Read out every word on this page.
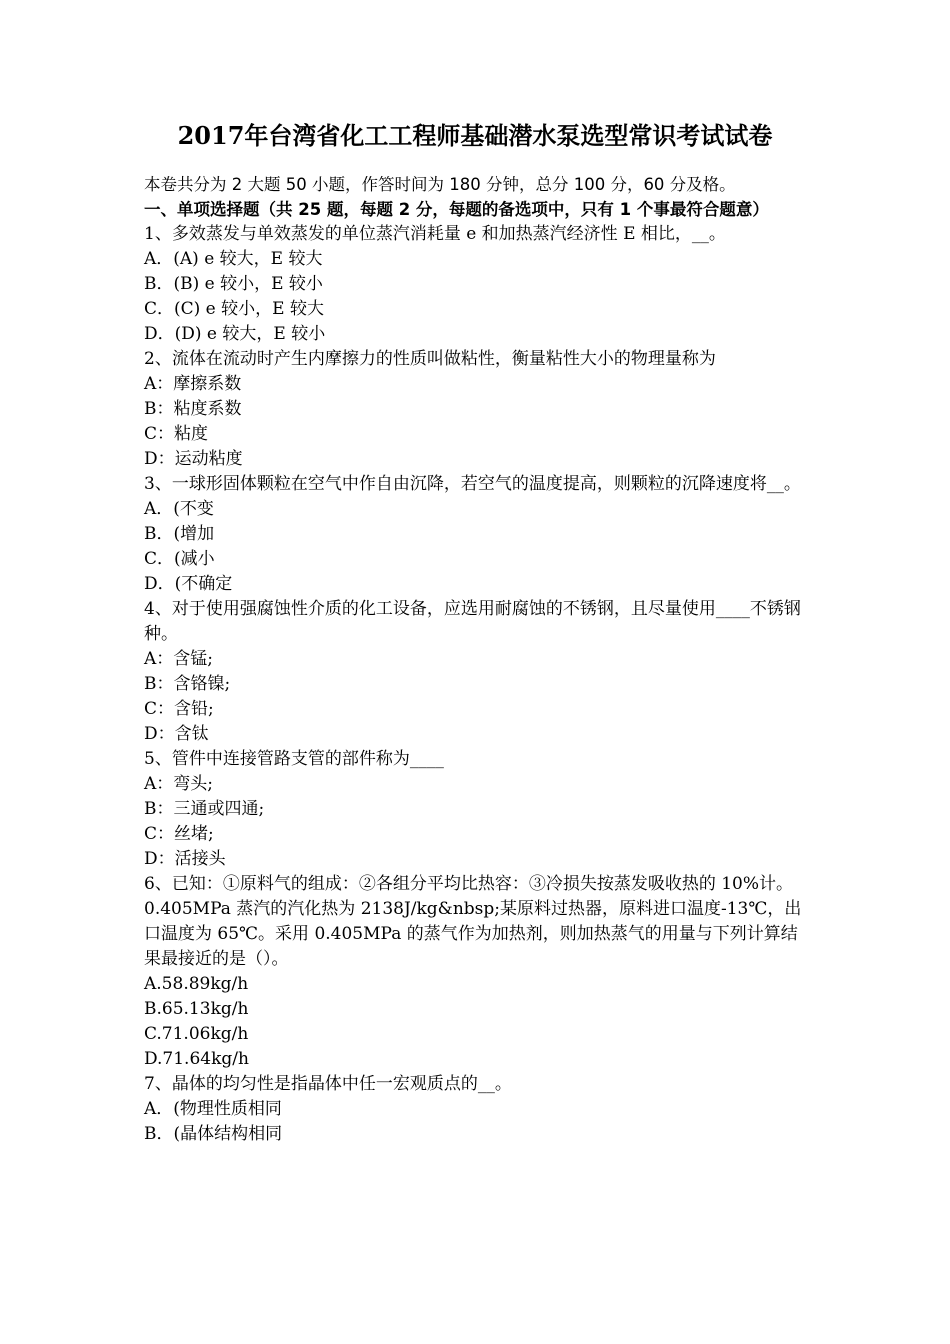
2017年台湾省化工工程师基础潜水泵选型常识考试试卷

本卷共分为 2 大题 50 小题，作答时间为 180 分钟，总分 100 分，60 分及格。

一、单项选择题（共 25 题，每题 2 分，每题的备选项中，只有 1 个事最符合题意）

1、多效蒸发与单效蒸发的单位蒸汽消耗量 e 和加热蒸汽经济性 E 相比，__。

A．(A) e 较大，E 较大

B．(B) e 较小，E 较小

C．(C) e 较小，E 较大

D．(D) e 较大，E 较小

2、流体在流动时产生内摩擦力的性质叫做粘性，衡量粘性大小的物理量称为

A：摩擦系数

B：粘度系数

C：粘度

D：运动粘度

3、一球形固体颗粒在空气中作自由沉降，若空气的温度提高，则颗粒的沉降速度将__。

A．(不变

B．(增加

C．(减小

D．(不确定

4、对于使用强腐蚀性介质的化工设备，应选用耐腐蚀的不锈钢，且尽量使用____不锈钢种。

A：含锰;

B：含铬镍;

C：含铅;

D：含钛

5、管件中连接管路支管的部件称为____

A：弯头;

B：三通或四通;

C：丝堵;

D：活接头

6、已知：①原料气的组成：②各组分平均比热容：③冷损失按蒸发吸收热的 10%计。0.405MPa 蒸汽的汽化热为 2138J/kg&nbsp;某原料过热器，原料进口温度-13℃，出口温度为 65℃。采用 0.405MPa 的蒸气作为加热剂，则加热蒸气的用量与下列计算结果最接近的是（）。

A.58.89kg/h

B.65.13kg/h

C.71.06kg/h

D.71.64kg/h

7、晶体的均匀性是指晶体中任一宏观质点的__。

A．(物理性质相同

B．(晶体结构相同
